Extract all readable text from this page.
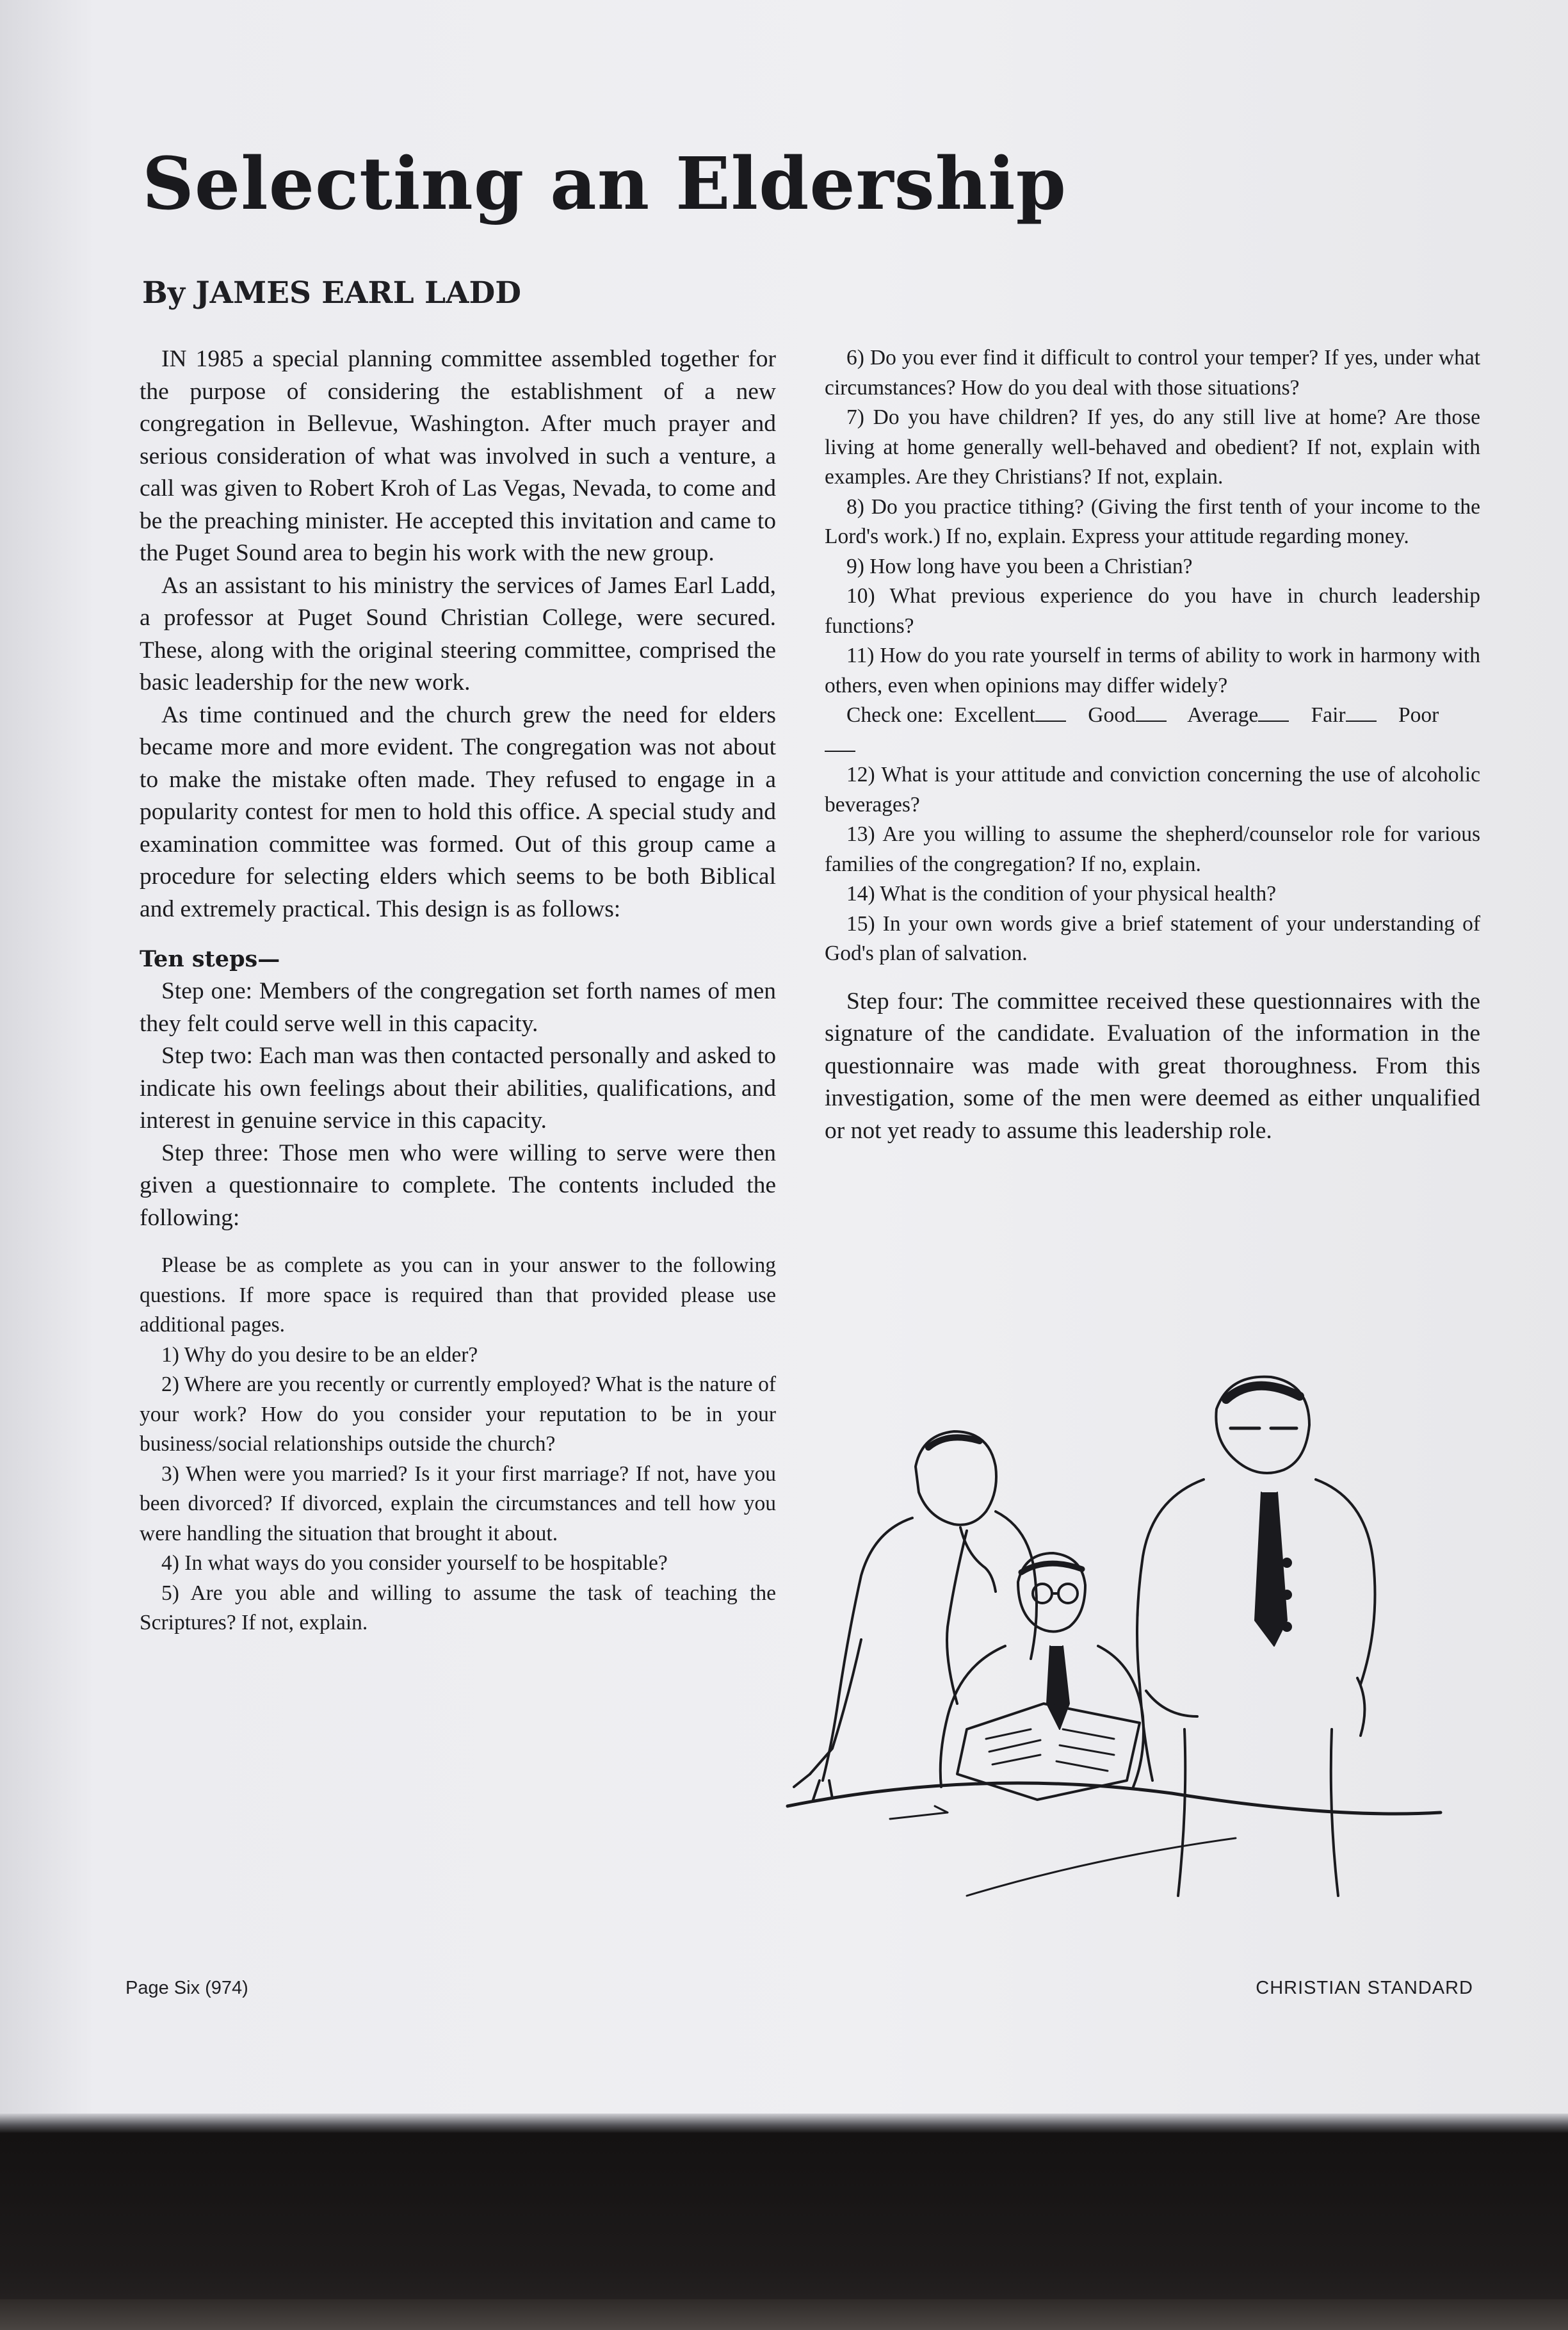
Selecting an Eldership
By JAMES EARL LADD

IN 1985 a special planning committee assembled together for the purpose of considering the establishment of a new congregation in Bellevue, Washington. After much prayer and serious consideration of what was involved in such a venture, a call was given to Robert Kroh of Las Vegas, Nevada, to come and be the preaching minister. He accepted this invitation and came to the Puget Sound area to begin his work with the new group.

As an assistant to his ministry the services of James Earl Ladd, a professor at Puget Sound Christian College, were secured. These, along with the original steering committee, comprised the basic leadership for the new work.

As time continued and the church grew the need for elders became more and more evident. The congregation was not about to make the mistake often made. They refused to engage in a popularity contest for men to hold this office. A special study and examination committee was formed. Out of this group came a procedure for selecting elders which seems to be both Biblical and extremely practical. This design is as follows:

Ten steps—

Step one: Members of the congregation set forth names of men they felt could serve well in this capacity.

Step two: Each man was then contacted personally and asked to indicate his own feelings about their abilities, qualifications, and interest in genuine service in this capacity.

Step three: Those men who were willing to serve were then given a questionnaire to complete. The contents included the following:

Please be as complete as you can in your answer to the following questions. If more space is required than that provided please use additional pages.

1) Why do you desire to be an elder?

2) Where are you recently or currently employed? What is the nature of your work? How do you consider your reputation to be in your business/social relationships outside the church?

3) When were you married? Is it your first marriage? If not, have you been divorced? If divorced, explain the circumstances and tell how you were handling the situation that brought it about.

4) In what ways do you consider yourself to be hospitable?

5) Are you able and willing to assume the task of teaching the Scriptures? If not, explain.

6) Do you ever find it difficult to control your temper? If yes, under what circumstances? How do you deal with those situations?

7) Do you have children? If yes, do any still live at home? Are those living at home generally well-behaved and obedient? If not, explain with examples. Are they Christians? If not, explain.

8) Do you practice tithing? (Giving the first tenth of your income to the Lord's work.) If no, explain. Express your attitude regarding money.

9) How long have you been a Christian?

10) What previous experience do you have in church leadership functions?

11) How do you rate yourself in terms of ability to work in harmony with others, even when opinions may differ widely?

Check one: Excellent Good Average Fair Poor

12) What is your attitude and conviction concerning the use of alcoholic beverages?

13) Are you willing to assume the shepherd/counselor role for various families of the congregation? If no, explain.

14) What is the condition of your physical health?

15) In your own words give a brief statement of your understanding of God's plan of salvation.

Step four: The committee received these questionnaires with the signature of the candidate. Evaluation of the information in the questionnaire was made with great thoroughness. From this investigation, some of the men were deemed as either unqualified or not yet ready to assume this leadership role.

Page Six (974)	CHRISTIAN STANDARD
